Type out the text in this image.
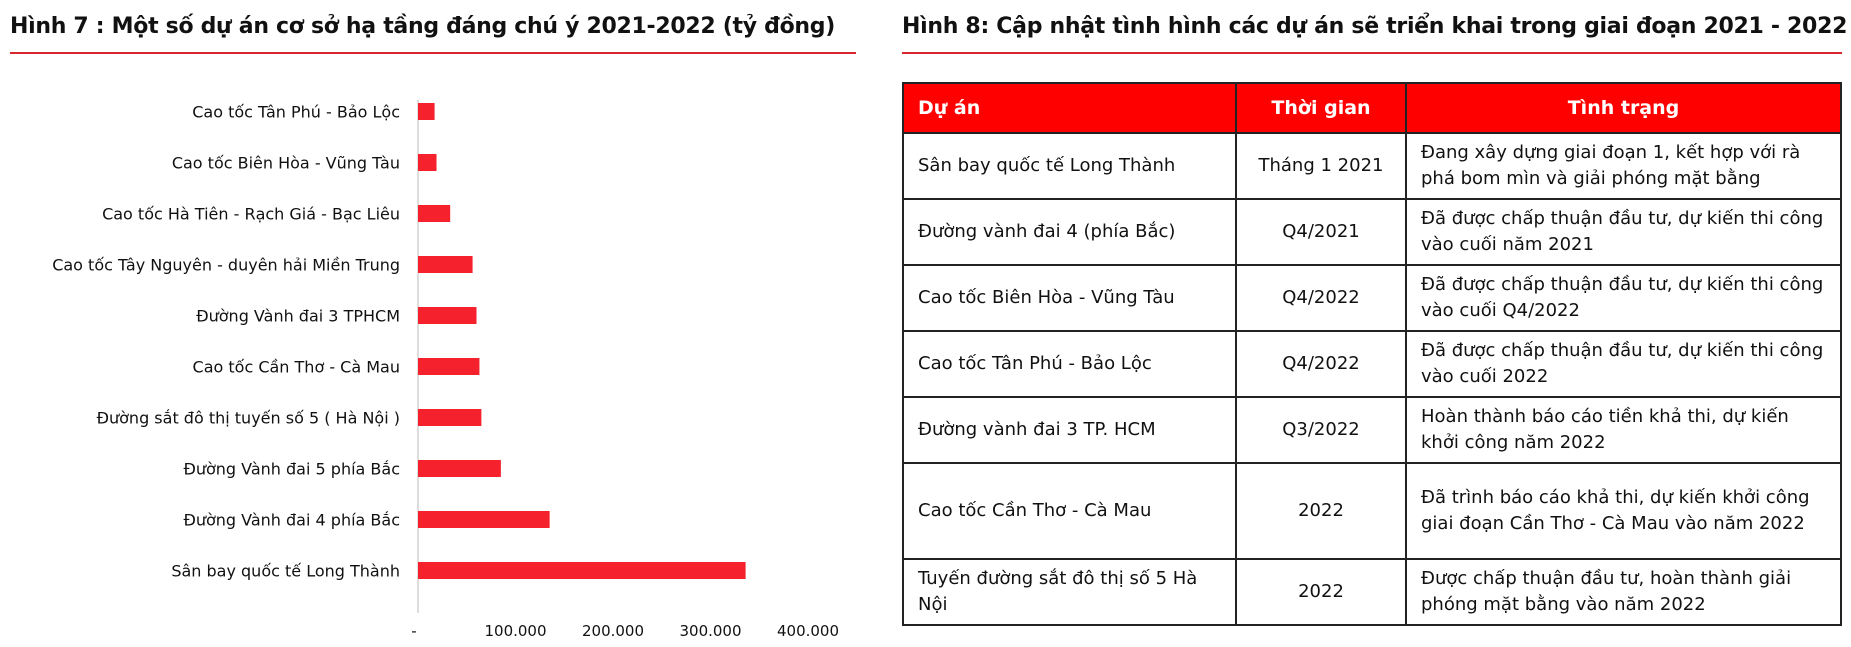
Hình 7 : Một số dự án cơ sở hạ tầng đáng chú ý 2021-2022 (tỷ đồng)	Hình 8: Cập nhật tình hình các dự án sẽ triển khai trong giai đoạn 2021 - 2022
Cao tốc Tân Phú - Bảo Lộc
Cao tốc Biên Hòa - Vũng Tàu
Cao tốc Hà Tiên - Rạch Giá - Bạc Liêu
Cao tốc Tây Nguyên - duyên hải Miền Trung
Đường Vành đai 3 TPHCM
Cao tốc Cần Thơ - Cà Mau
Đường sắt đô thị tuyến số 5 ( Hà Nội )
Đường Vành đai 5 phía Bắc
Đường Vành đai 4 phía Bắc
Sân bay quốc tế Long Thành
-	100.000 200.000 300.000 400.000
Dự án	Thời gian	Tình trạng
Sân bay quốc tế Long Thành	Tháng 1 2021	Đang xây dựng giai đoạn 1, kết hợp với rà phá bom mìn và giải phóng mặt bằng
Đường vành đai 4 (phía Bắc)	Q4/2021	Đã được chấp thuận đầu tư, dự kiến thi công vào cuối năm 2021
Cao tốc Biên Hòa - Vũng Tàu	Q4/2022	Đã được chấp thuận đầu tư, dự kiến thi công vào cuối Q4/2022
Cao tốc Tân Phú - Bảo Lộc	Q4/2022	Đã được chấp thuận đầu tư, dự kiến thi công vào cuối 2022
Đường vành đai 3 TP. HCM	Q3/2022	Hoàn thành báo cáo tiền khả thi, dự kiến khởi công năm 2022
Cao tốc Cần Thơ - Cà Mau	2022	Đã trình báo cáo khả thi, dự kiến khởi công giai đoạn Cần Thơ - Cà Mau vào năm 2022
Tuyến đường sắt đô thị số 5 Hà Nội	2022	Được chấp thuận đầu tư, hoàn thành giải phóng mặt bằng vào năm 2022
